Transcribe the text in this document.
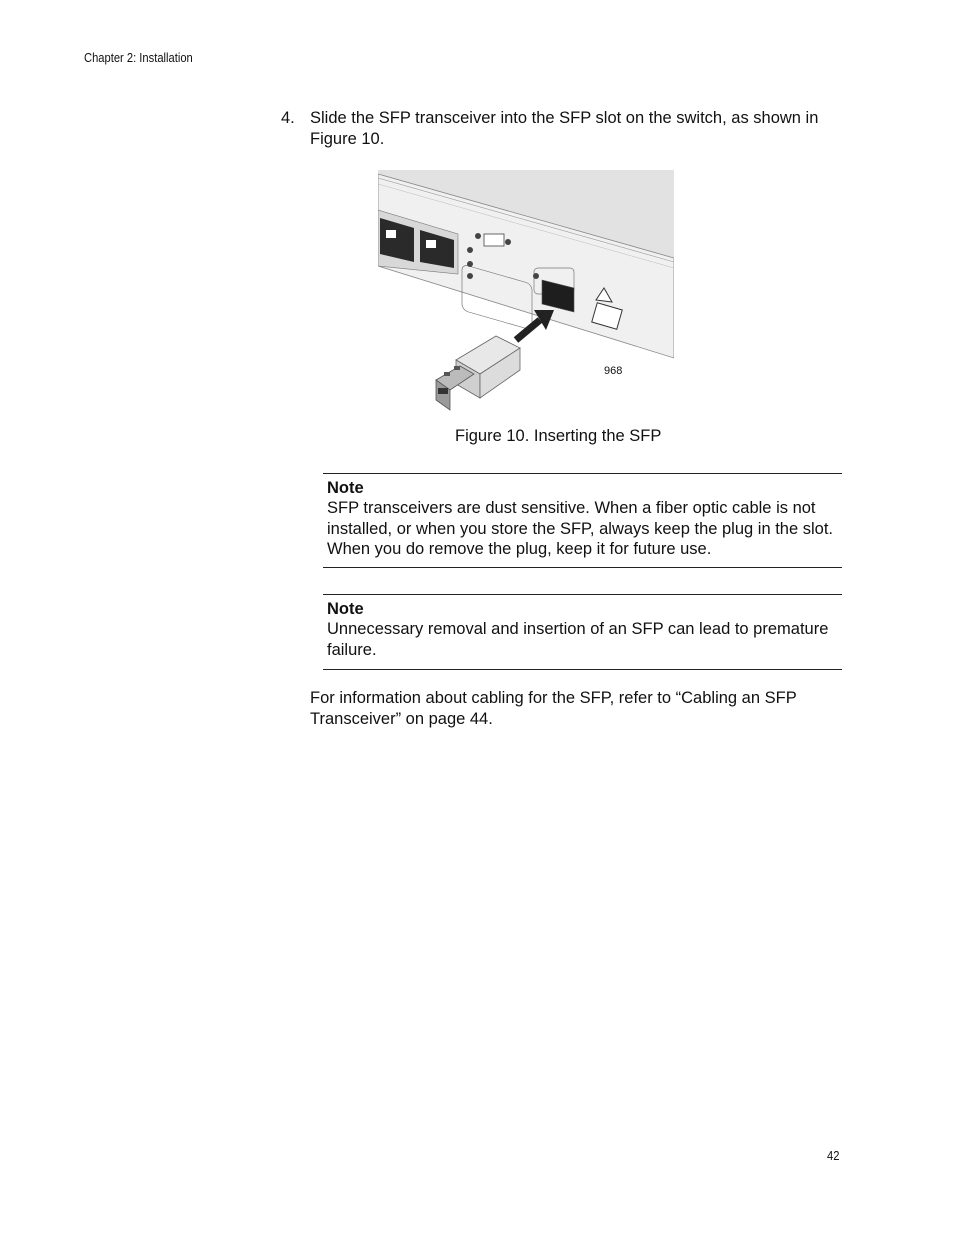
Chapter 2: Installation
4. Slide the SFP transceiver into the SFP slot on the switch, as shown in Figure 10.
968
Figure 10. Inserting the SFP
Note
SFP transceivers are dust sensitive. When a fiber optic cable is not installed, or when you store the SFP, always keep the plug in the slot. When you do remove the plug, keep it for future use.
Note
Unnecessary removal and insertion of an SFP can lead to premature failure.
For information about cabling for the SFP, refer to “Cabling an SFP Transceiver” on page 44.
42
